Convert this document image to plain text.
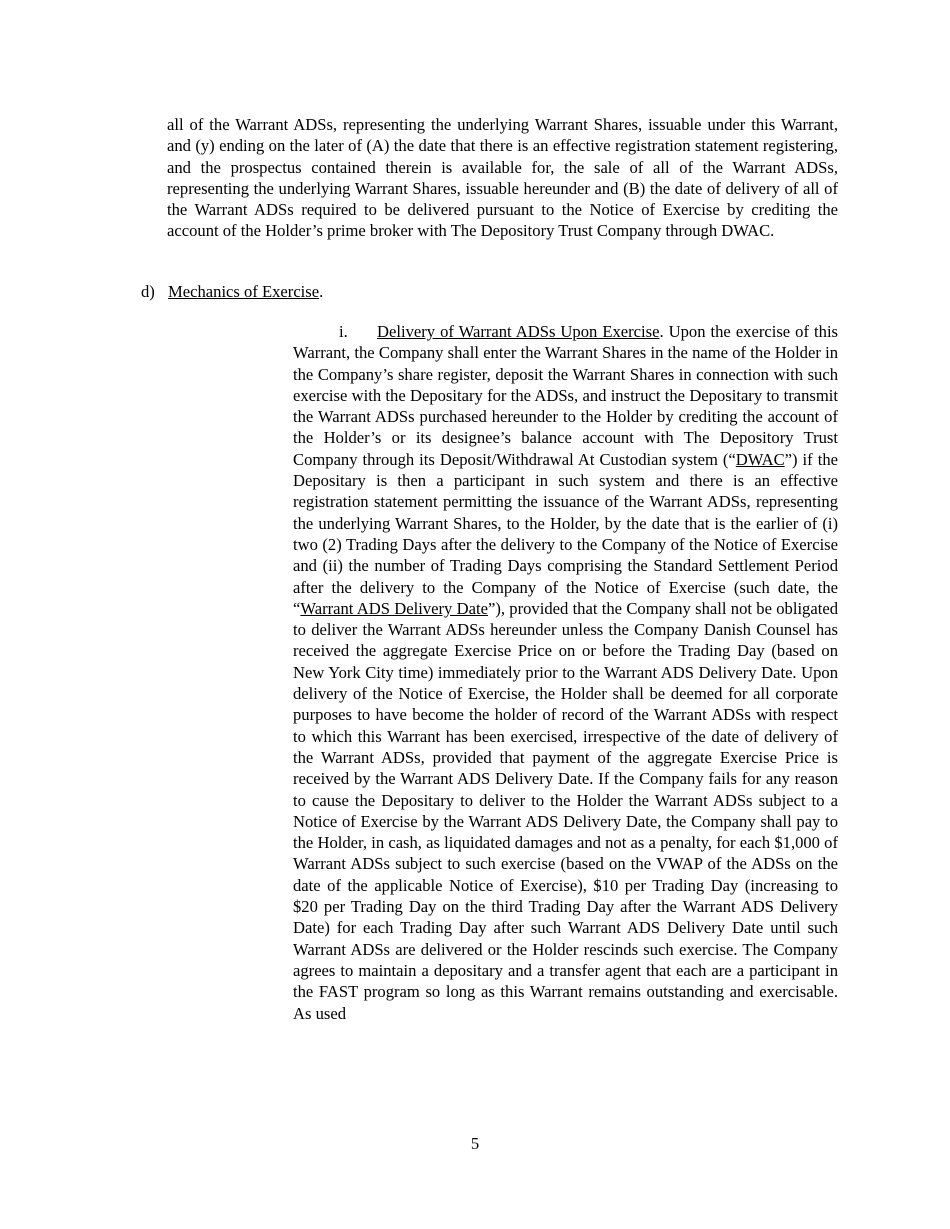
all of the Warrant ADSs, representing the underlying Warrant Shares, issuable under this Warrant, and (y) ending on the later of (A) the date that there is an effective registration statement registering, and the prospectus contained therein is available for, the sale of all of the Warrant ADSs, representing the underlying Warrant Shares, issuable hereunder and (B) the date of delivery of all of the Warrant ADSs required to be delivered pursuant to the Notice of Exercise by crediting the account of the Holder’s prime broker with The Depository Trust Company through DWAC.

d) Mechanics of Exercise.

i. Delivery of Warrant ADSs Upon Exercise. Upon the exercise of this Warrant, the Company shall enter the Warrant Shares in the name of the Holder in the Company’s share register, deposit the Warrant Shares in connection with such exercise with the Depositary for the ADSs, and instruct the Depositary to transmit the Warrant ADSs purchased hereunder to the Holder by crediting the account of the Holder’s or its designee’s balance account with The Depository Trust Company through its Deposit/Withdrawal At Custodian system (“DWAC”) if the Depositary is then a participant in such system and there is an effective registration statement permitting the issuance of the Warrant ADSs, representing the underlying Warrant Shares, to the Holder, by the date that is the earlier of (i) two (2) Trading Days after the delivery to the Company of the Notice of Exercise and (ii) the number of Trading Days comprising the Standard Settlement Period after the delivery to the Company of the Notice of Exercise (such date, the “Warrant ADS Delivery Date”), provided that the Company shall not be obligated to deliver the Warrant ADSs hereunder unless the Company Danish Counsel has received the aggregate Exercise Price on or before the Trading Day (based on New York City time) immediately prior to the Warrant ADS Delivery Date. Upon delivery of the Notice of Exercise, the Holder shall be deemed for all corporate purposes to have become the holder of record of the Warrant ADSs with respect to which this Warrant has been exercised, irrespective of the date of delivery of the Warrant ADSs, provided that payment of the aggregate Exercise Price is received by the Warrant ADS Delivery Date. If the Company fails for any reason to cause the Depositary to deliver to the Holder the Warrant ADSs subject to a Notice of Exercise by the Warrant ADS Delivery Date, the Company shall pay to the Holder, in cash, as liquidated damages and not as a penalty, for each $1,000 of Warrant ADSs subject to such exercise (based on the VWAP of the ADSs on the date of the applicable Notice of Exercise), $10 per Trading Day (increasing to $20 per Trading Day on the third Trading Day after the Warrant ADS Delivery Date) for each Trading Day after such Warrant ADS Delivery Date until such Warrant ADSs are delivered or the Holder rescinds such exercise. The Company agrees to maintain a depositary and a transfer agent that each are a participant in the FAST program so long as this Warrant remains outstanding and exercisable. As used

5
